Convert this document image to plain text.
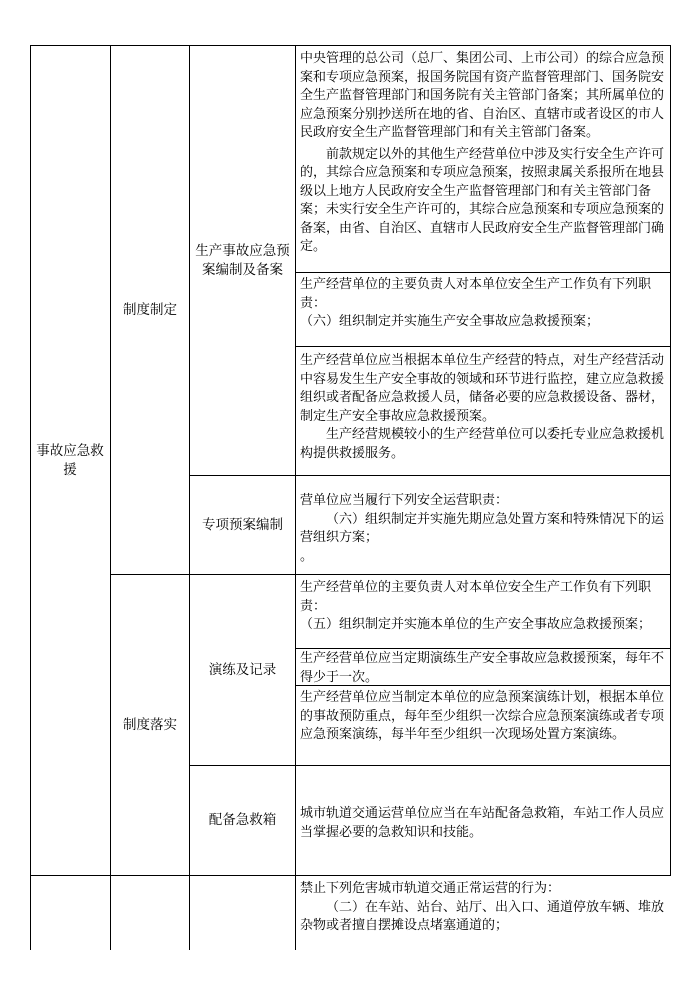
事故应急救援
制度制定
制度落实
生产事故应急预案编制及备案
专项预案编制
演练及记录
配备急救箱

中央管理的总公司（总厂、集团公司、上市公司）的综合应急预案和专项应急预案，报国务院国有资产监督管理部门、国务院安全生产监督管理部门和国务院有关主管部门备案；其所属单位的应急预案分别抄送所在地的省、自治区、直辖市或者设区的市人民政府安全生产监督管理部门和有关主管部门备案。

前款规定以外的其他生产经营单位中涉及实行安全生产许可的，其综合应急预案和专项应急预案，按照隶属关系报所在地县级以上地方人民政府安全生产监督管理部门和有关主管部门备案；未实行安全生产许可的，其综合应急预案和专项应急预案的备案，由省、自治区、直辖市人民政府安全生产监督管理部门确定。

生产经营单位的主要负责人对本单位安全生产工作负有下列职责：

（六）组织制定并实施生产安全事故应急救援预案；

生产经营单位应当根据本单位生产经营的特点，对生产经营活动中容易发生生产安全事故的领域和环节进行监控，建立应急救援组织或者配备应急救援人员，储备必要的应急救援设备、器材，制定生产安全事故应急救援预案。

生产经营规模较小的生产经营单位可以委托专业应急救援机构提供救援服务。

营单位应当履行下列安全运营职责：

（六）组织制定并实施先期应急处置方案和特殊情况下的运营组织方案；

。

生产经营单位的主要负责人对本单位安全生产工作负有下列职责：

（五）组织制定并实施本单位的生产安全事故应急救援预案；

生产经营单位应当定期演练生产安全事故应急救援预案，每年不得少于一次。

生产经营单位应当制定本单位的应急预案演练计划，根据本单位的事故预防重点，每年至少组织一次综合应急预案演练或者专项应急预案演练，每半年至少组织一次现场处置方案演练。

城市轨道交通运营单位应当在车站配备急救箱，车站工作人员应当掌握必要的急救知识和技能。

禁止下列危害城市轨道交通正常运营的行为：

（二）在车站、站台、站厅、出入口、通道停放车辆、堆放杂物或者擅自摆摊设点堵塞通道的；
